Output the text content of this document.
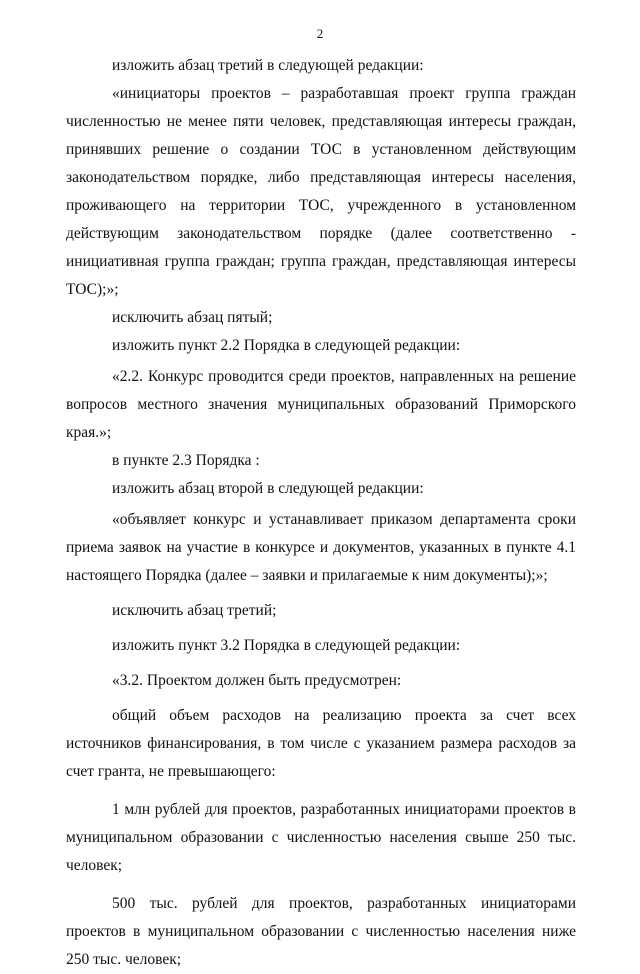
2

изложить абзац третий в следующей редакции:

«инициаторы проектов – разработавшая проект группа граждан численностью не менее пяти человек, представляющая интересы граждан, принявших решение о создании ТОС в установленном действующим законодательством порядке, либо представляющая интересы населения, проживающего на территории ТОС, учрежденного в установленном действующим законодательством порядке (далее соответственно - инициативная группа граждан; группа граждан, представляющая интересы ТОС);»;

исключить абзац пятый;

изложить пункт 2.2 Порядка в следующей редакции:

«2.2. Конкурс проводится среди проектов, направленных на решение вопросов местного значения муниципальных образований Приморского края.»;

в пункте 2.3 Порядка :

изложить абзац второй в следующей редакции:

«объявляет конкурс и устанавливает приказом департамента сроки приема заявок на участие в конкурсе и документов, указанных в пункте 4.1 настоящего Порядка (далее – заявки и прилагаемые к ним документы);»;

исключить абзац третий;

изложить пункт 3.2 Порядка в следующей редакции:

«3.2. Проектом должен быть предусмотрен:

общий объем расходов на реализацию проекта за счет всех источников финансирования, в том числе с указанием размера расходов за счет гранта, не превышающего:

1 млн рублей для проектов, разработанных инициаторами проектов в муниципальном образовании с численностью населения свыше 250 тыс. человек;

500 тыс. рублей для проектов, разработанных инициаторами проектов в муниципальном образовании с численностью населения ниже 250 тыс. человек;
